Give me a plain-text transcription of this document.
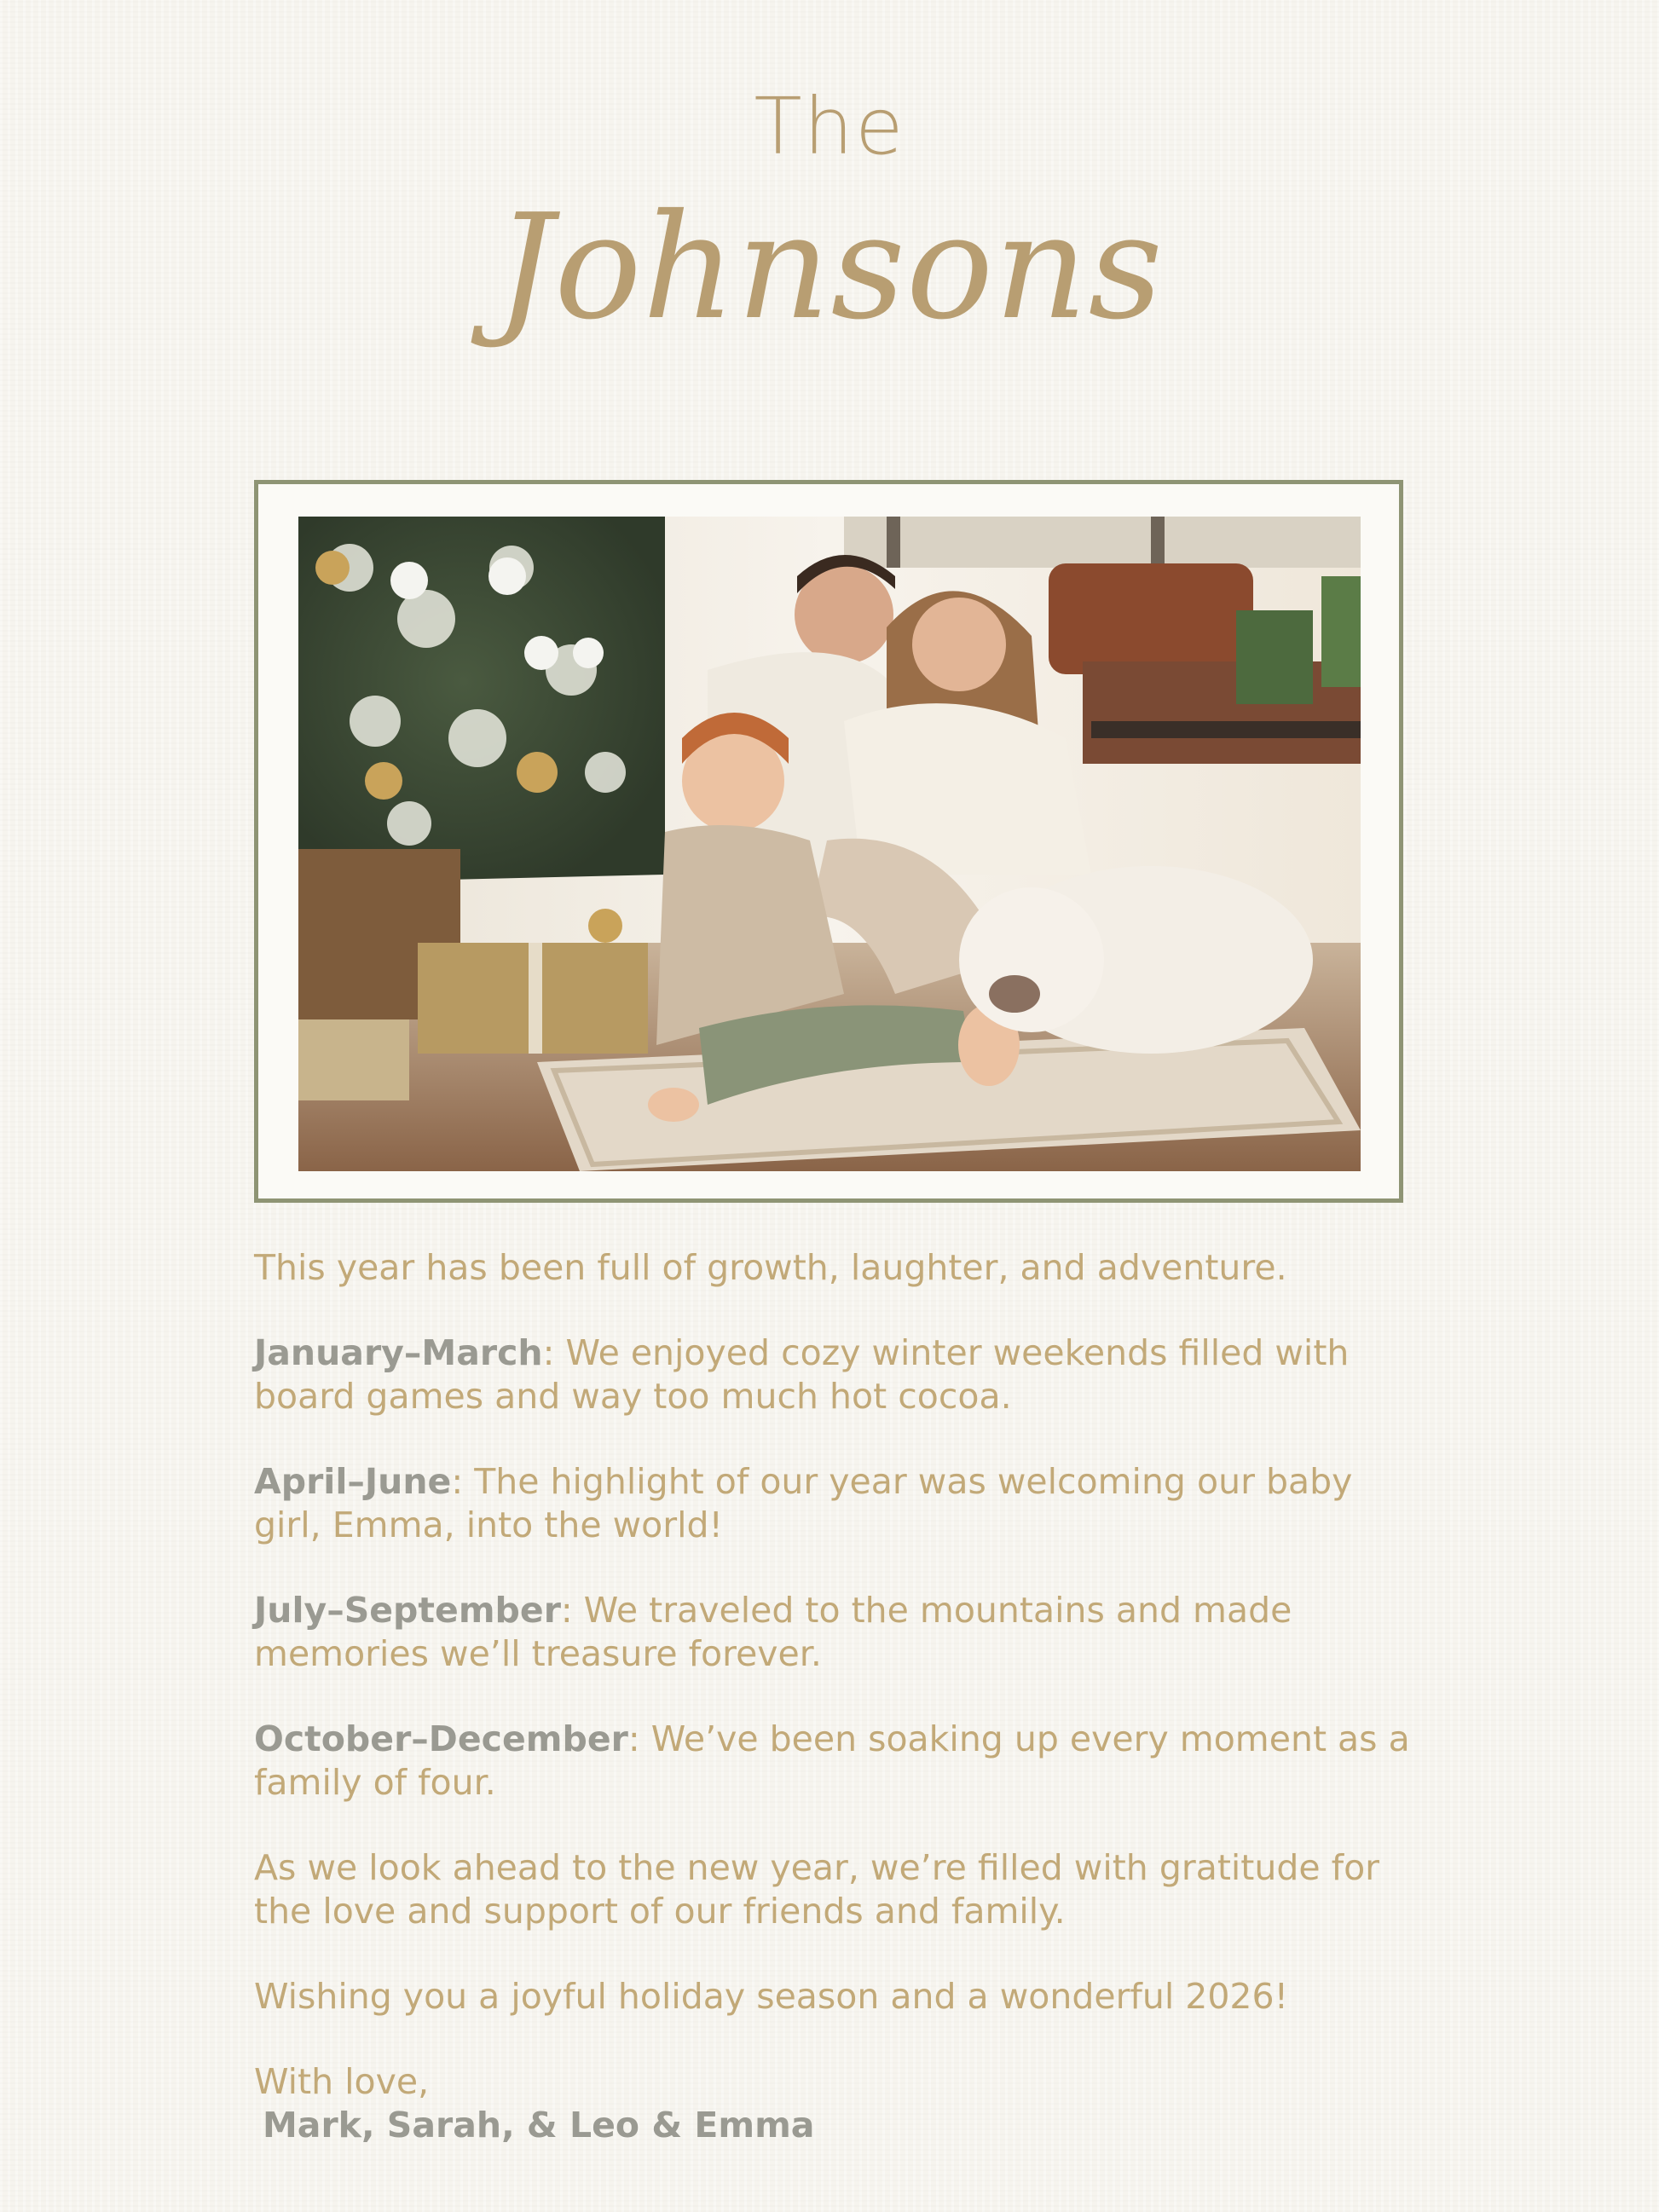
The
Johnsons

This year has been full of growth, laughter, and adventure.

January–March: We enjoyed cozy winter weekends filled with board games and way too much hot cocoa.

April–June: The highlight of our year was welcoming our baby girl, Emma, into the world!

July–September: We traveled to the mountains and made memories we’ll treasure forever.

October–December: We’ve been soaking up every moment as a family of four.

As we look ahead to the new year, we’re filled with gratitude for the love and support of our friends and family.

Wishing you a joyful holiday season and a wonderful 2026!

With love,
Mark, Sarah, & Leo & Emma
